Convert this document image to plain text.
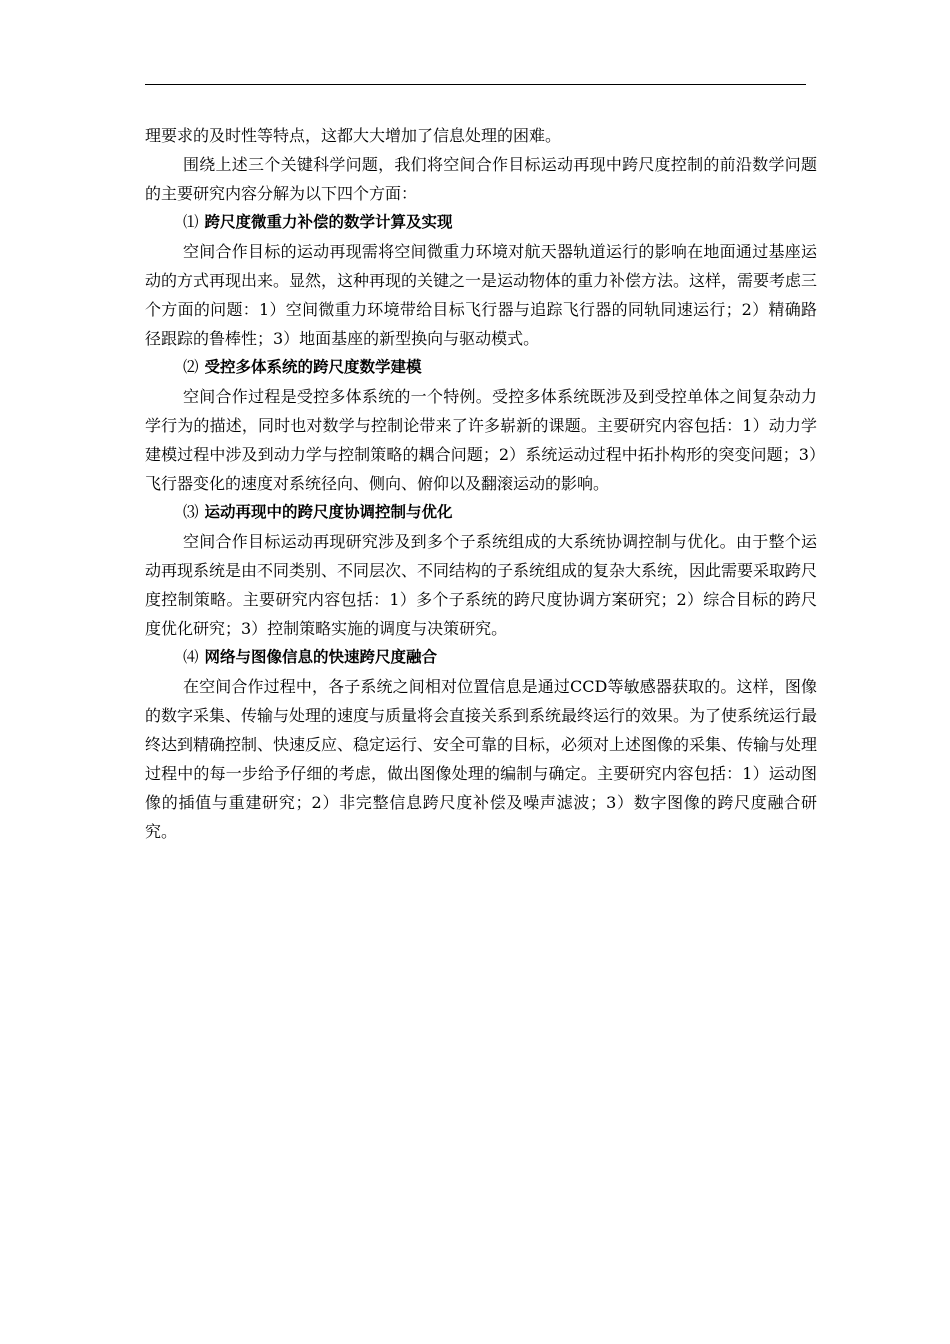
理要求的及时性等特点，这都大大增加了信息处理的困难。

围绕上述三个关键科学问题，我们将空间合作目标运动再现中跨尺度控制的前沿数学问题的主要研究内容分解为以下四个方面：

⑴ 跨尺度微重力补偿的数学计算及实现

空间合作目标的运动再现需将空间微重力环境对航天器轨道运行的影响在地面通过基座运动的方式再现出来。显然，这种再现的关键之一是运动物体的重力补偿方法。这样，需要考虑三个方面的问题：1）空间微重力环境带给目标飞行器与追踪飞行器的同轨同速运行；2）精确路径跟踪的鲁棒性；3）地面基座的新型换向与驱动模式。

⑵ 受控多体系统的跨尺度数学建模

空间合作过程是受控多体系统的一个特例。受控多体系统既涉及到受控单体之间复杂动力学行为的描述，同时也对数学与控制论带来了许多崭新的课题。主要研究内容包括：1）动力学建模过程中涉及到动力学与控制策略的耦合问题；2）系统运动过程中拓扑构形的突变问题；3）飞行器变化的速度对系统径向、侧向、俯仰以及翻滚运动的影响。

⑶ 运动再现中的跨尺度协调控制与优化

空间合作目标运动再现研究涉及到多个子系统组成的大系统协调控制与优化。由于整个运动再现系统是由不同类别、不同层次、不同结构的子系统组成的复杂大系统，因此需要采取跨尺度控制策略。主要研究内容包括：1）多个子系统的跨尺度协调方案研究；2）综合目标的跨尺度优化研究；3）控制策略实施的调度与决策研究。

⑷ 网络与图像信息的快速跨尺度融合

在空间合作过程中，各子系统之间相对位置信息是通过CCD等敏感器获取的。这样，图像的数字采集、传输与处理的速度与质量将会直接关系到系统最终运行的效果。为了使系统运行最终达到精确控制、快速反应、稳定运行、安全可靠的目标，必须对上述图像的采集、传输与处理过程中的每一步给予仔细的考虑，做出图像处理的编制与确定。主要研究内容包括：1）运动图像的插值与重建研究；2）非完整信息跨尺度补偿及噪声滤波；3）数字图像的跨尺度融合研究。
